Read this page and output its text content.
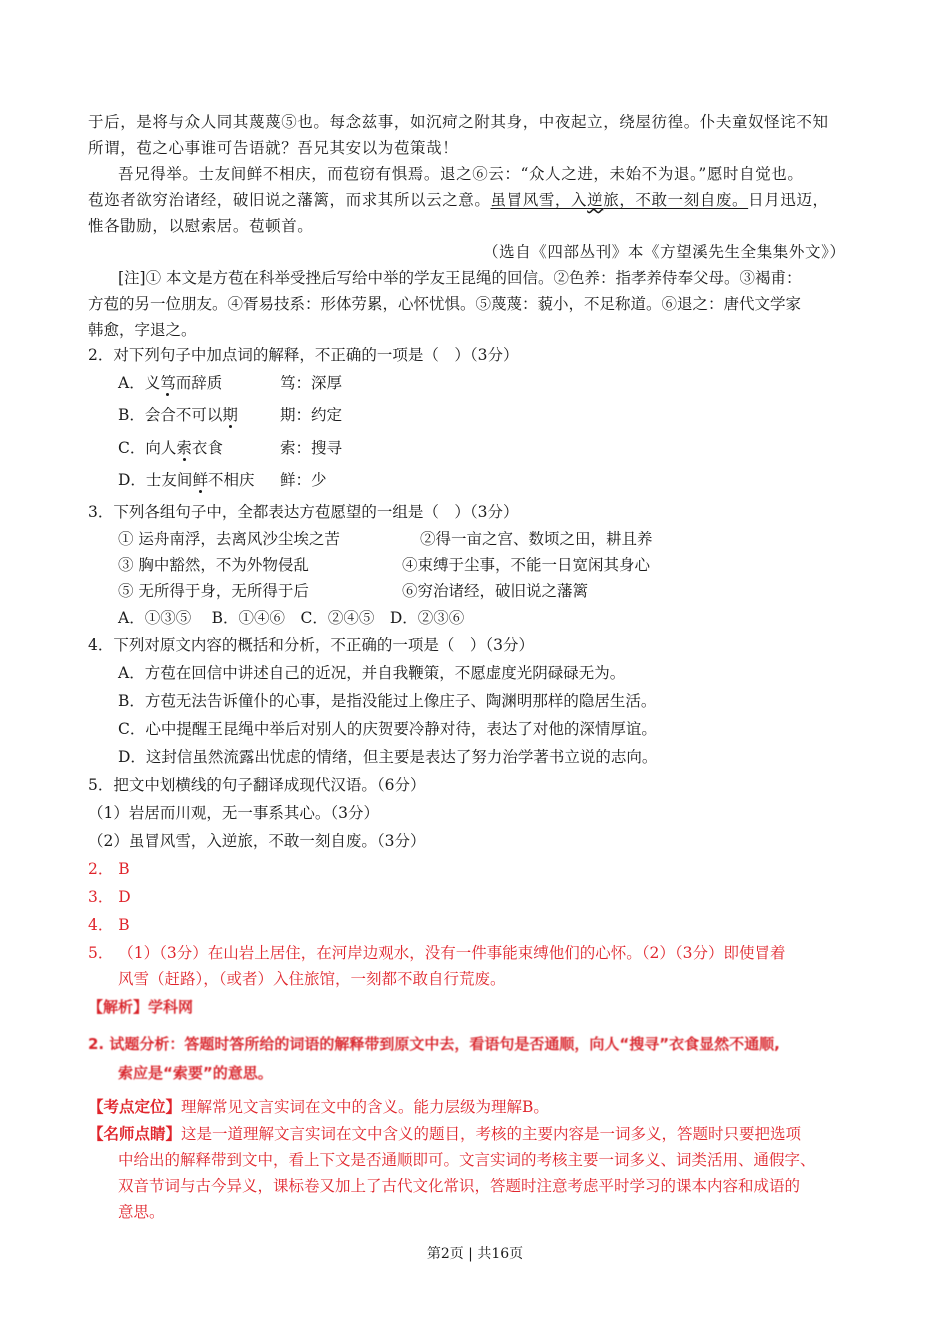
于后，是将与众人同其蔑蔑⑤也。每念兹事，如沉疴之附其身，中夜起立，绕屋彷徨。仆夫童奴怪诧不知
所谓，苞之心事谁可告语就？吾兄其安以为苞策哉！
吾兄得举。士友间鲜不相庆，而苞窃有惧焉。退之⑥云：“众人之进，未始不为退。”愿时自觉也。
苞迩者欲穷治诸经，破旧说之藩篱，而求其所以云之意。虽冒风雪，入逆旅，不敢一刻自废。日月迅迈，
惟各勖励，以慰索居。苞顿首。
（选自《四部丛刊》本《方望溪先生全集集外文》）
[注]① 本文是方苞在科举受挫后写给中举的学友王昆绳的回信。②色养：指孝养侍奉父母。③褐甫：
方苞的另一位朋友。④胥易技系：形体劳累，心怀忧惧。⑤蔑蔑：藐小，不足称道。⑥退之：唐代文学家
韩愈，字退之。
2．对下列句子中加点词的解释，不正确的一项是（　）（3分）
A．义笃而辞质	笃：深厚
B．会合不可以期	期：约定
C．向人索衣食	索：搜寻
D．士友间鲜不相庆 鲜：少
3．下列各组句子中，全都表达方苞愿望的一组是（　）（3分）
① 运舟南浮，去离风沙尘埃之苦	②得一亩之宫、数顷之田，耕且养
③ 胸中豁然，不为外物侵乱	④束缚于尘事，不能一日宽闲其身心
⑤ 无所得于身，无所得于后	⑥穷治诸经，破旧说之藩篱
A．①③⑤　 B．①④⑥　C．②④⑤　D．②③⑥
4．下列对原文内容的概括和分析，不正确的一项是（　）（3分）
A．方苞在回信中讲述自己的近况，并自我鞭策，不愿虚度光阴碌碌无为。
B．方苞无法告诉僮仆的心事，是指没能过上像庄子、陶渊明那样的隐居生活。
C．心中提醒王昆绳中举后对别人的庆贺要冷静对待，表达了对他的深情厚谊。
D．这封信虽然流露出忧虑的情绪，但主要是表达了努力治学著书立说的志向。
5．把文中划横线的句子翻译成现代汉语。（6分）
（1）岩居而川观，无一事系其心。（3分）
（2）虽冒风雪，入逆旅，不敢一刻自废。（3分）
2． B
3． D
4． B
5． （1）（3分）在山岩上居住，在河岸边观水，没有一件事能束缚他们的心怀。（2）（3分）即使冒着
风雪（赶路），（或者）入住旅馆，一刻都不敢自行荒废。
【解析】学科网
2. 试题分析：答题时答所给的词语的解释带到原文中去，看语句是否通顺，向人“搜寻”衣食显然不通顺,
索应是“索要”的意思。
【考点定位】理解常见文言实词在文中的含义。能力层级为理解B。
【名师点睛】这是一道理解文言实词在文中含义的题目，考核的主要内容是一词多义，答题时只要把选项
中给出的解释带到文中，看上下文是否通顺即可。文言实词的考核主要一词多义、词类活用、通假字、
双音节词与古今异义，课标卷又加上了古代文化常识，答题时注意考虑平时学习的课本内容和成语的
意思。
第2页 | 共16页
